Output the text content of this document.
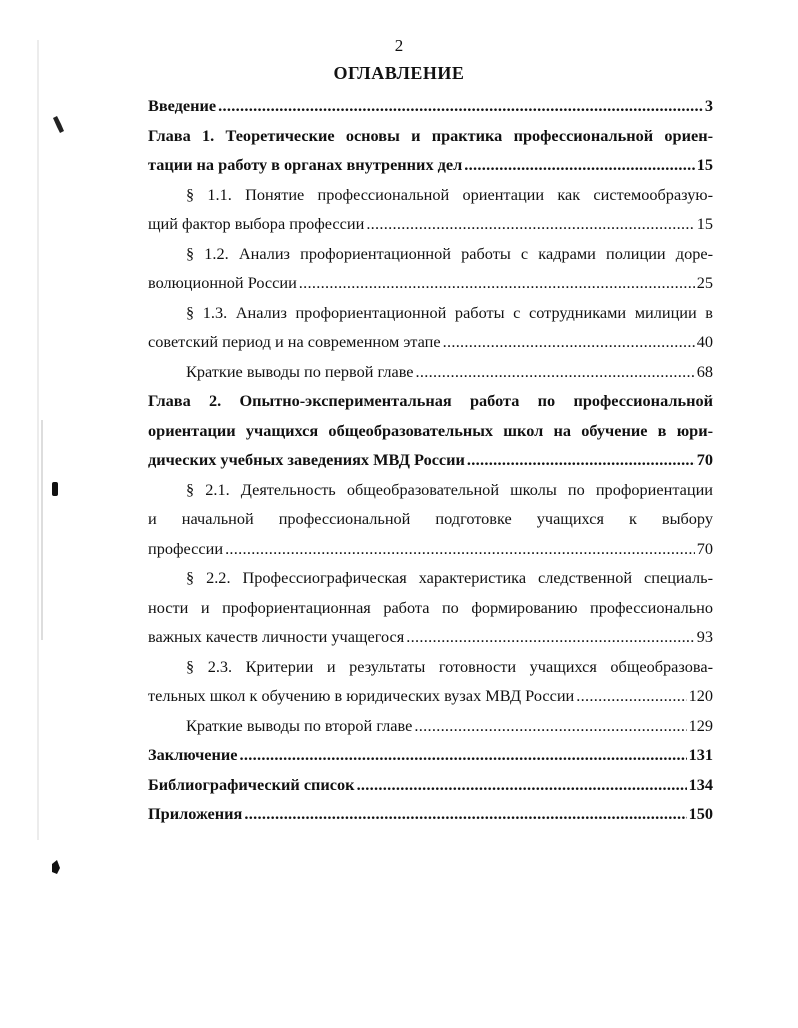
2
ОГЛАВЛЕНИЕ
Введение .....	3
Глава 1. Теоретические основы и практика профессиональной ориен-
тации на работу в органах внутренних дел .....	15
§ 1.1. Понятие профессиональной ориентации как системообразую-
щий фактор выбора профессии .....	15
§ 1.2. Анализ профориентационной работы с кадрами полиции доре-
волюционной России .....	25
§ 1.3. Анализ профориентационной работы с сотрудниками милиции в
советский период и на современном этапе .....	40
Краткие выводы по первой главе .....	68
Глава 2. Опытно-экспериментальная работа по профессиональной
ориентации учащихся общеобразовательных школ на обучение в юри-
дических учебных заведениях МВД России .....	70
§ 2.1. Деятельность общеобразовательной школы по профориентации
и начальной профессиональной подготовке учащихся к выбору
профессии .....	70
§ 2.2. Профессиографическая характеристика следственной специаль-
ности и профориентационная работа по формированию профессионально
важных качеств личности учащегося .....	93
§ 2.3. Критерии и результаты готовности учащихся общеобразова-
тельных школ к обучению в юридических вузах МВД России .....	120
Краткие выводы по второй главе .....	129
Заключение .....	131
Библиографический список .....	134
Приложения .....	150
